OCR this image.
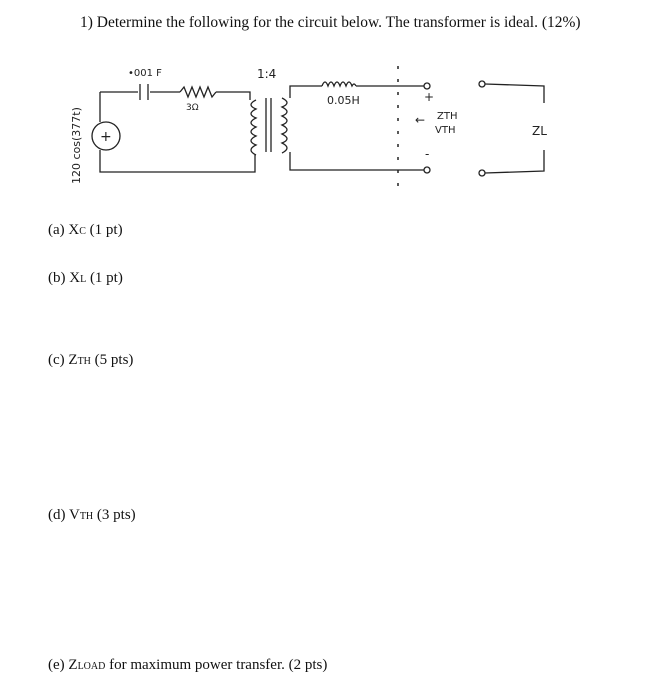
1) Determine the following for the circuit below. The transformer is ideal. (12%)
•001 F
3Ω
1:4
0.05H
+
120 cos(377t)
+
-
← ZTH
VTH	ZL
(a) XC (1 pt)
(b) XL (1 pt)
(c) ZTH (5 pts)
(d) VTH (3 pts)
(e) ZLOAD for maximum power transfer. (2 pts)
